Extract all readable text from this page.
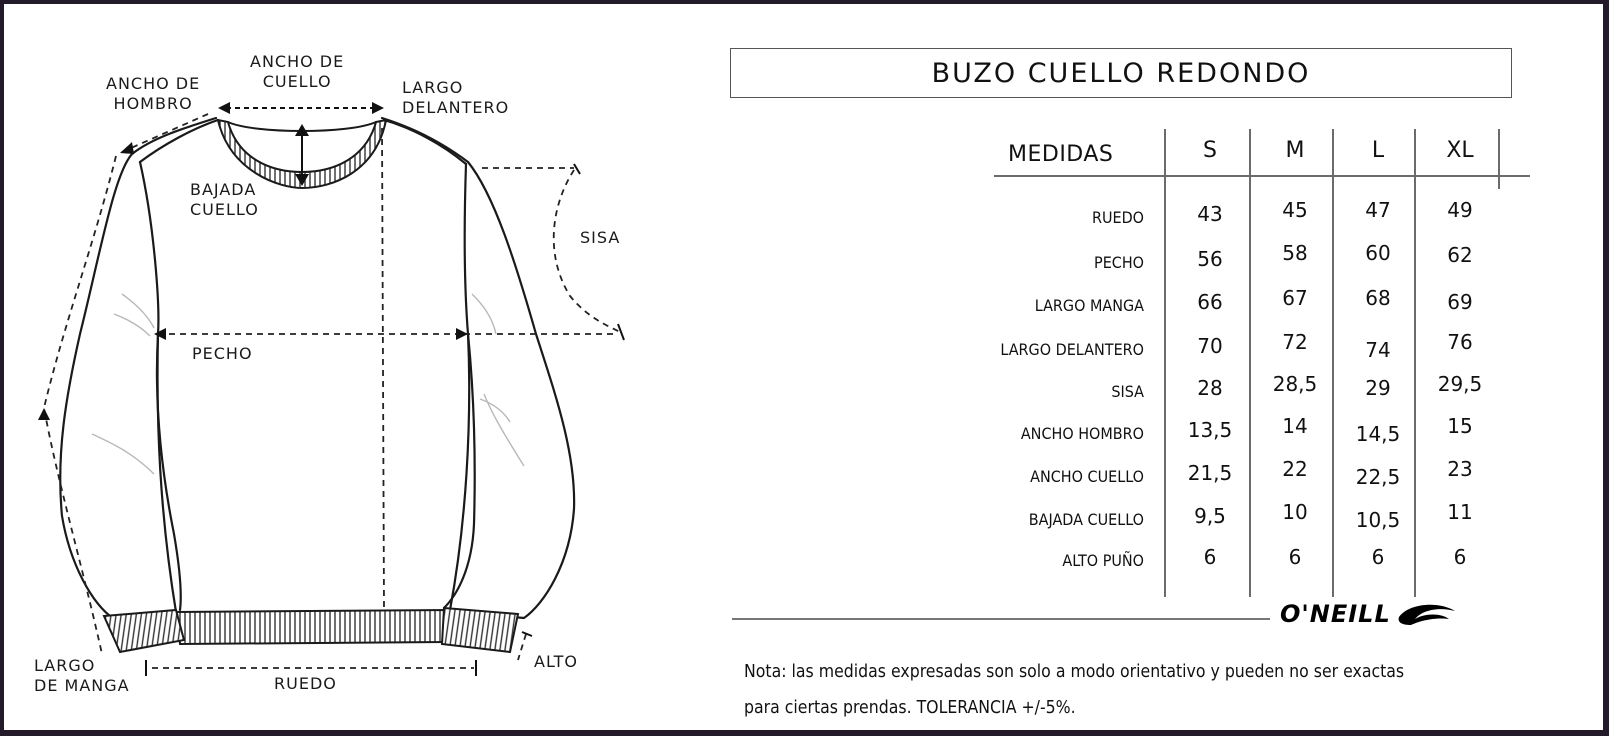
ANCHO DE
CUELLO
ANCHO DE
HOMBRO
LARGO
DELANTERO
BAJADA
CUELLO
SISA
PECHO
LARGO
DE MANGA	RUEDO
ALTO
BUZO CUELLO REDONDO
MEDIDAS	S	M	L	XL
RUEDO	43	45	47	49
PECHO	56	58	60	62
LARGO MANGA	66	67	68	69
LARGO DELANTERO	70	72	74	76
SISA	28	28,5	29	29,5
ANCHO HOMBRO	13,5	14	14,5	15
ANCHO CUELLO	21,5	22	22,5	23
BAJADA CUELLO	9,5	10	10,5	11
ALTO PUÑO	6	6	6	6
O'NEILL
Nota: las medidas expresadas son solo a modo orientativo y pueden no ser exactas
para ciertas prendas. TOLERANCIA +/-5%.
